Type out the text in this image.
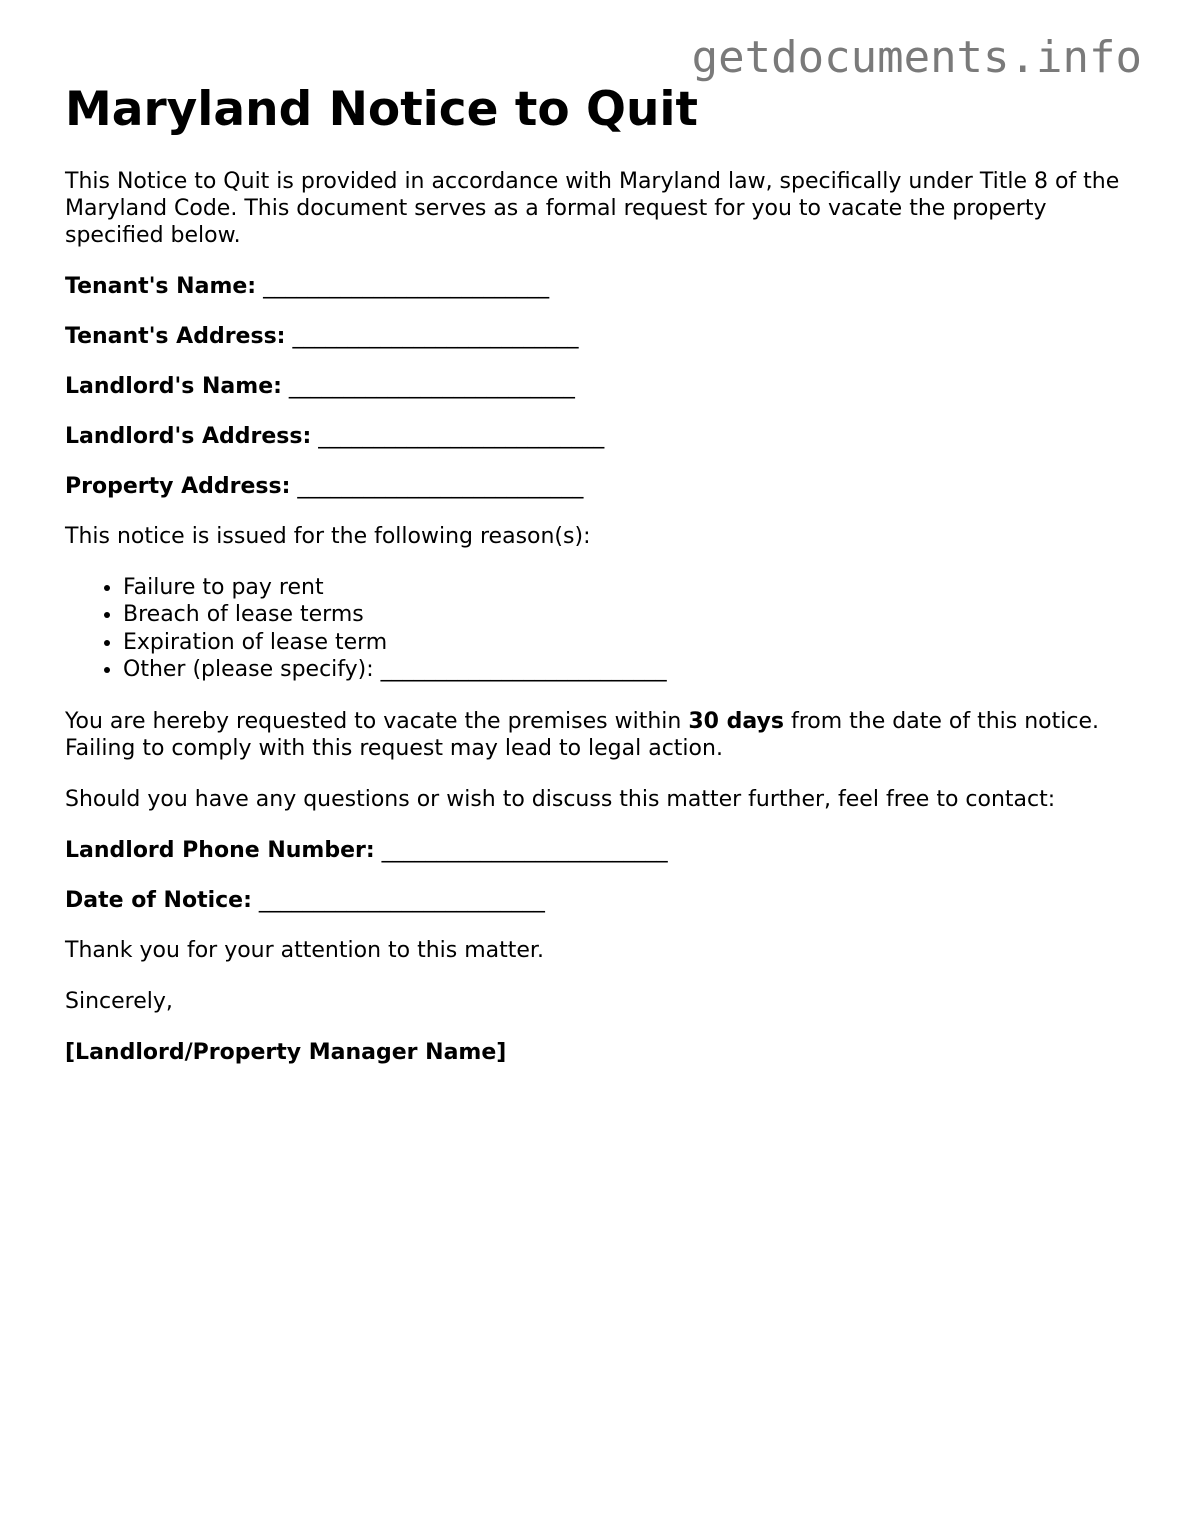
getdocuments.info
Maryland Notice to Quit

This Notice to Quit is provided in accordance with Maryland law, specifically under Title 8 of the Maryland Code. This document serves as a formal request for you to vacate the property specified below.

Tenant's Name: __________________________
Tenant's Address: __________________________
Landlord's Name: __________________________
Landlord's Address: __________________________
Property Address: __________________________

This notice is issued for the following reason(s):

• Failure to pay rent
• Breach of lease terms
• Expiration of lease term
• Other (please specify): __________________________

You are hereby requested to vacate the premises within 30 days from the date of this notice. Failing to comply with this request may lead to legal action.

Should you have any questions or wish to discuss this matter further, feel free to contact:

Landlord Phone Number: __________________________
Date of Notice: __________________________

Thank you for your attention to this matter.

Sincerely,

[Landlord/Property Manager Name]
